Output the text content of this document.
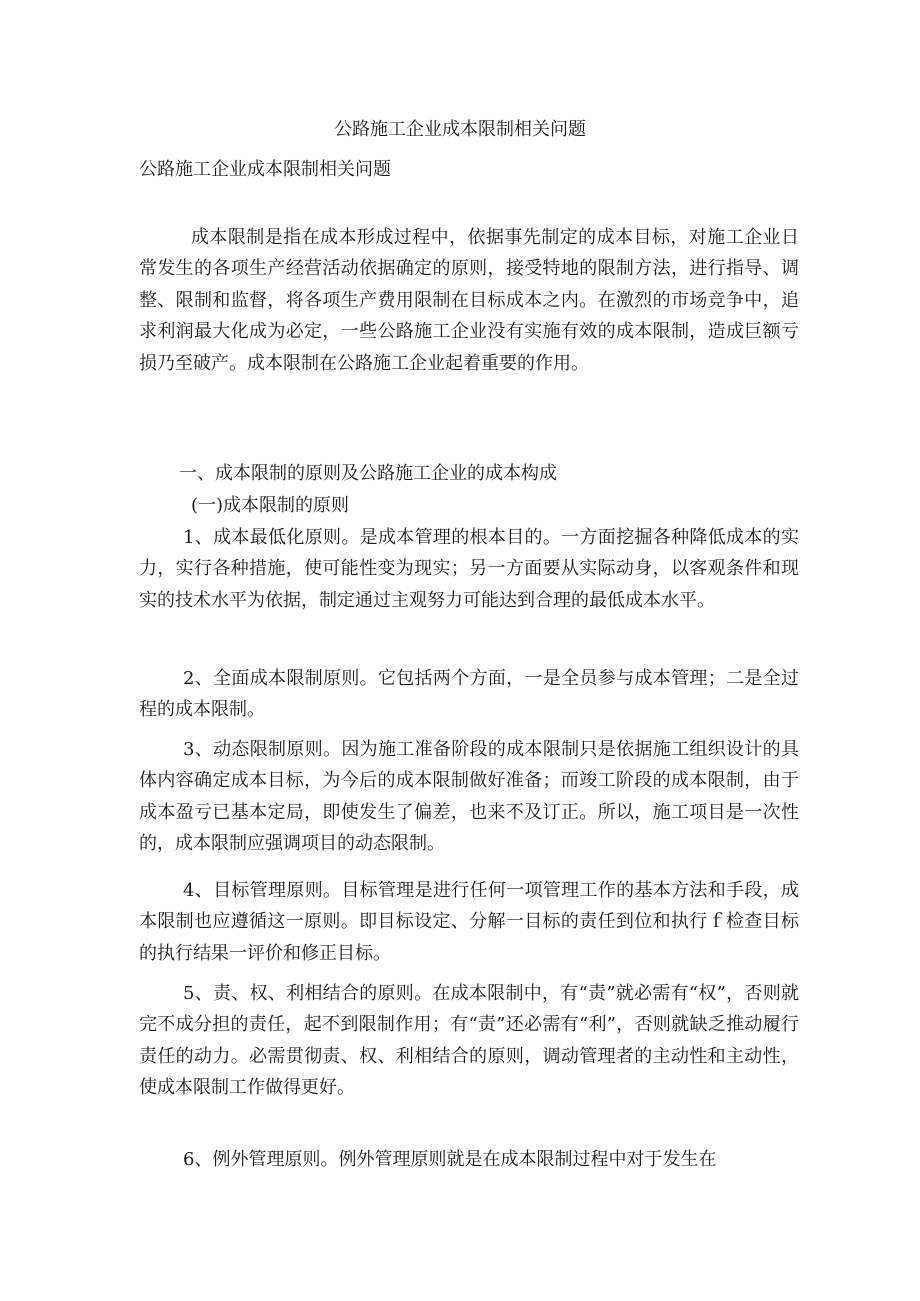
公路施工企业成本限制相关问题
公路施工企业成本限制相关问题

成本限制是指在成本形成过程中，依据事先制定的成本目标，对施工企业日常发生的各项生产经营活动依据确定的原则，接受特地的限制方法，进行指导、调整、限制和监督，将各项生产费用限制在目标成本之内。在激烈的市场竞争中，追求利润最大化成为必定，一些公路施工企业没有实施有效的成本限制，造成巨额亏损乃至破产。成本限制在公路施工企业起着重要的作用。

一、成本限制的原则及公路施工企业的成本构成

(一)成本限制的原则

1、成本最低化原则。是成本管理的根本目的。一方面挖掘各种降低成本的实力，实行各种措施，使可能性变为现实；另一方面要从实际动身，以客观条件和现实的技术水平为依据，制定通过主观努力可能达到合理的最低成本水平。

2、全面成本限制原则。它包括两个方面，一是全员参与成本管理；二是全过程的成本限制。

3、动态限制原则。因为施工准备阶段的成本限制只是依据施工组织设计的具体内容确定成本目标，为今后的成本限制做好准备；而竣工阶段的成本限制，由于成本盈亏已基本定局，即使发生了偏差，也来不及订正。所以，施工项目是一次性的，成本限制应强调项目的动态限制。

4、目标管理原则。目标管理是进行任何一项管理工作的基本方法和手段，成本限制也应遵循这一原则。即目标设定、分解一目标的责任到位和执行ｆ检查目标的执行结果一评价和修正目标。

5、责、权、利相结合的原则。在成本限制中，有“责”就必需有“权”，否则就完不成分担的责任，起不到限制作用；有“责”还必需有“利”，否则就缺乏推动履行责任的动力。必需贯彻责、权、利相结合的原则，调动管理者的主动性和主动性，使成本限制工作做得更好。

6、例外管理原则。例外管理原则就是在成本限制过程中对于发生在
